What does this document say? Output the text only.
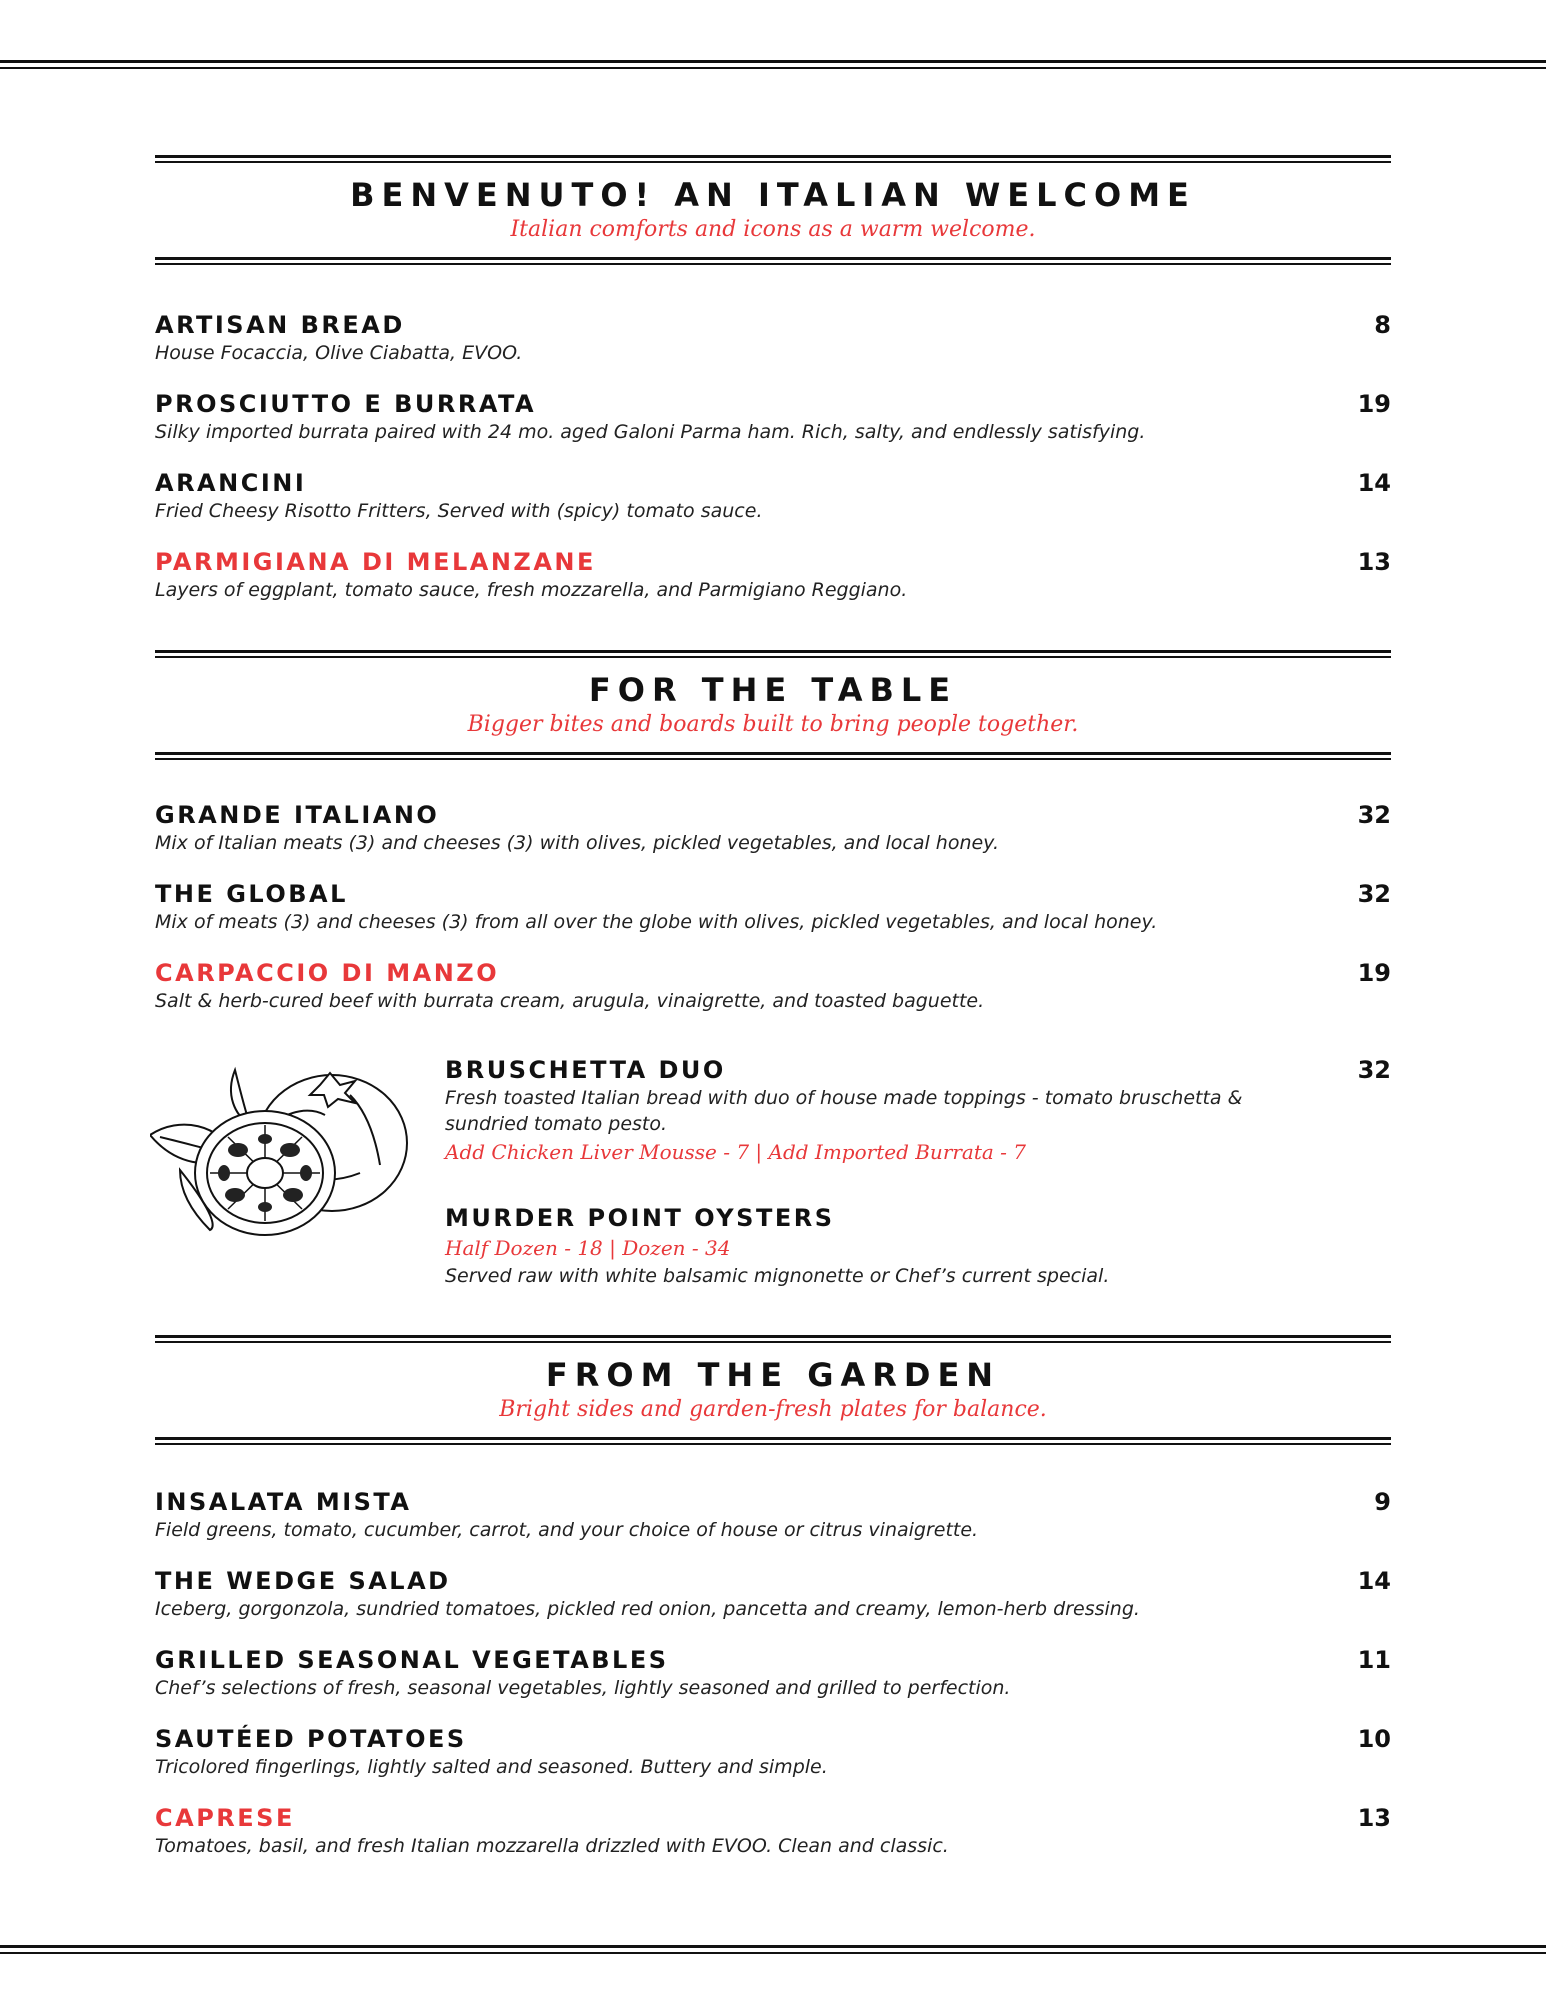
BENVENUTO! AN ITALIAN WELCOME
Italian comforts and icons as a warm welcome.
ARTISAN BREAD	8
House Focaccia, Olive Ciabatta, EVOO.
PROSCIUTTO E BURRATA	19
Silky imported burrata paired with 24 mo. aged Galoni Parma ham. Rich, salty, and endlessly satisfying.
ARANCINI	14
Fried Cheesy Risotto Fritters, Served with (spicy) tomato sauce.
PARMIGIANA DI MELANZANE	13
Layers of eggplant, tomato sauce, fresh mozzarella, and Parmigiano Reggiano.
FOR THE TABLE
Bigger bites and boards built to bring people together.
GRANDE ITALIANO	32
Mix of Italian meats (3) and cheeses (3) with olives, pickled vegetables, and local honey.
THE GLOBAL	32
Mix of meats (3) and cheeses (3) from all over the globe with olives, pickled vegetables, and local honey.
CARPACCIO DI MANZO	19
Salt & herb-cured beef with burrata cream, arugula, vinaigrette, and toasted baguette.
BRUSCHETTA DUO	32
Fresh toasted Italian bread with duo of house made toppings - tomato bruschetta & sundried tomato pesto.
Add Chicken Liver Mousse - 7 | Add Imported Burrata - 7
MURDER POINT OYSTERS
Half Dozen - 18 | Dozen - 34
Served raw with white balsamic mignonette or Chef’s current special.
FROM THE GARDEN
Bright sides and garden-fresh plates for balance.
INSALATA MISTA	9
Field greens, tomato, cucumber, carrot, and your choice of house or citrus vinaigrette.
THE WEDGE SALAD	14
Iceberg, gorgonzola, sundried tomatoes, pickled red onion, pancetta and creamy, lemon-herb dressing.
GRILLED SEASONAL VEGETABLES	11
Chef’s selections of fresh, seasonal vegetables, lightly seasoned and grilled to perfection.
SAUTÉED POTATOES	10
Tricolored fingerlings, lightly salted and seasoned. Buttery and simple.
CAPRESE	13
Tomatoes, basil, and fresh Italian mozzarella drizzled with EVOO. Clean and classic.
